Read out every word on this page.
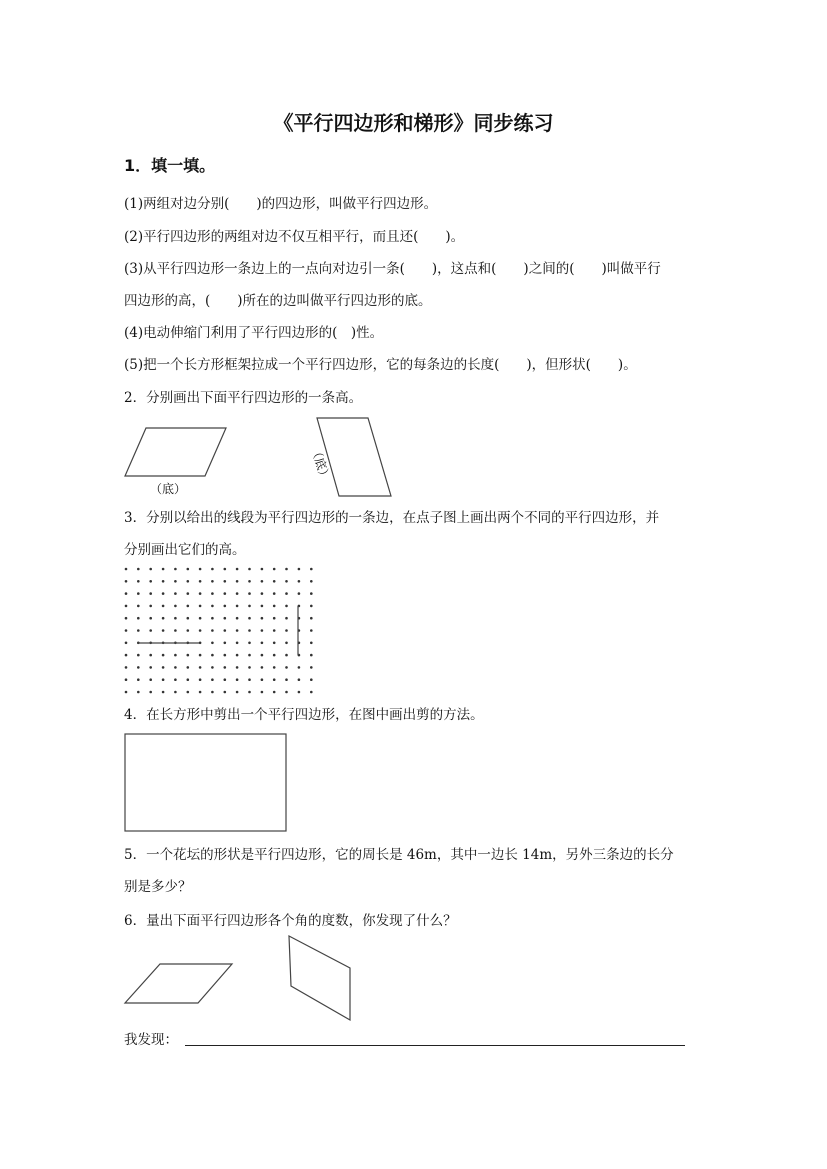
《平行四边形和梯形》同步练习
1．填一填。
(1)两组对边分别(　　)的四边形，叫做平行四边形。
(2)平行四边形的两组对边不仅互相平行，而且还(　　)。
(3)从平行四边形一条边上的一点向对边引一条(　　)，这点和(　　)之间的(　　)叫做平行
四边形的高，(　　)所在的边叫做平行四边形的底。
(4)电动伸缩门利用了平行四边形的(　)性。
(5)把一个长方形框架拉成一个平行四边形，它的每条边的长度(　　)，但形状(　　)。
2．分别画出下面平行四边形的一条高。
（底）
（底）
3．分别以给出的线段为平行四边形的一条边，在点子图上画出两个不同的平行四边形，并
分别画出它们的高。
4．在长方形中剪出一个平行四边形，在图中画出剪的方法。
5．一个花坛的形状是平行四边形，它的周长是 46m，其中一边长 14m，另外三条边的长分
别是多少？
6．量出下面平行四边形各个角的度数，你发现了什么？
我发现：
